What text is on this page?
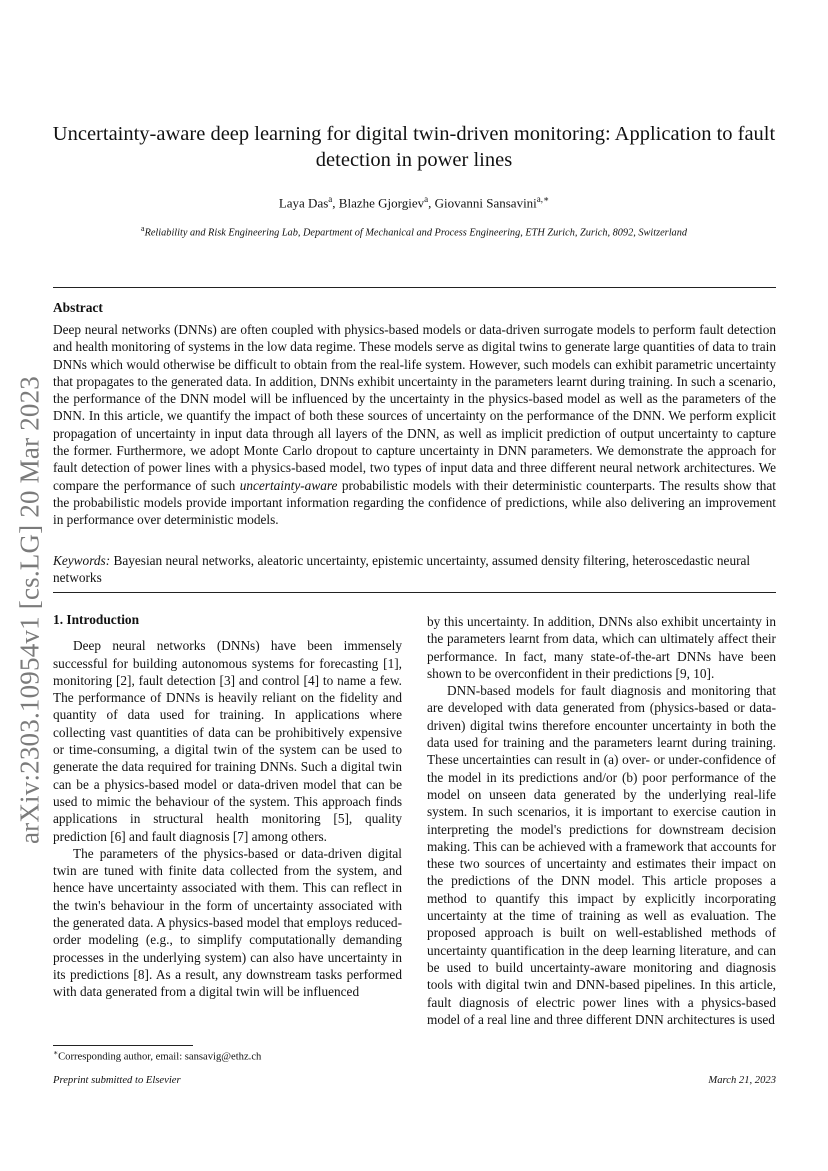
arXiv:2303.10954v1 [cs.LG] 20 Mar 2023
Uncertainty-aware deep learning for digital twin-driven monitoring: Application to fault detection in power lines
Laya Das$^a$, Blazhe Gjorgiev$^a$, Giovanni Sansavini$^{a,∗}$
$^a$Reliability and Risk Engineering Lab, Department of Mechanical and Process Engineering, ETH Zurich, Zurich, 8092, Switzerland
Abstract

Deep neural networks (DNNs) are often coupled with physics-based models or data-driven surrogate models to perform fault detection and health monitoring of systems in the low data regime. These models serve as digital twins to generate large quantities of data to train DNNs which would otherwise be difficult to obtain from the real-life system. However, such models can exhibit parametric uncertainty that propagates to the generated data. In addition, DNNs exhibit uncertainty in the parameters learnt during training. In such a scenario, the performance of the DNN model will be influenced by the uncertainty in the physics-based model as well as the parameters of the DNN. In this article, we quantify the impact of both these sources of uncertainty on the performance of the DNN. We perform explicit propagation of uncertainty in input data through all layers of the DNN, as well as implicit prediction of output uncertainty to capture the former. Furthermore, we adopt Monte Carlo dropout to capture uncertainty in DNN parameters. We demonstrate the approach for fault detection of power lines with a physics-based model, two types of input data and three different neural network architectures. We compare the performance of such uncertainty-aware probabilistic models with their deterministic counterparts. The results show that the probabilistic models provide important information regarding the confidence of predictions, while also delivering an improvement in performance over deterministic models.

Keywords: Bayesian neural networks, aleatoric uncertainty, epistemic uncertainty, assumed density filtering, heteroscedastic neural networks
1. Introduction

Deep neural networks (DNNs) have been immensely successful for building autonomous systems for forecasting [1], monitoring [2], fault detection [3] and control [4] to name a few. The performance of DNNs is heavily reliant on the fidelity and quantity of data used for training. In applications where collecting vast quantities of data can be prohibitively expensive or time-consuming, a digital twin of the system can be used to generate the data required for training DNNs. Such a digital twin can be a physics-based model or data-driven model that can be used to mimic the behaviour of the system. This approach finds applications in structural health monitoring [5], quality prediction [6] and fault diagnosis [7] among others.

The parameters of the physics-based or data-driven digital twin are tuned with finite data collected from the system, and hence have uncertainty associated with them. This can reflect in the twin's behaviour in the form of uncertainty associated with the generated data. A physics-based model that employs reduced-order modeling (e.g., to simplify computationally demanding processes in the underlying system) can also have uncertainty in its predictions [8]. As a result, any downstream tasks performed with data generated from a digital twin will be influenced

by this uncertainty. In addition, DNNs also exhibit uncertainty in the parameters learnt from data, which can ultimately affect their performance. In fact, many state-of-the-art DNNs have been shown to be overconfident in their predictions [9, 10].

DNN-based models for fault diagnosis and monitoring that are developed with data generated from (physics-based or data-driven) digital twins therefore encounter uncertainty in both the data used for training and the parameters learnt during training. These uncertainties can result in (a) over- or under-confidence of the model in its predictions and/or (b) poor performance of the model on unseen data generated by the underlying real-life system. In such scenarios, it is important to exercise caution in interpreting the model's predictions for downstream decision making. This can be achieved with a framework that accounts for these two sources of uncertainty and estimates their impact on the predictions of the DNN model. This article proposes a method to quantify this impact by explicitly incorporating uncertainty at the time of training as well as evaluation. The proposed approach is built on well-established methods of uncertainty quantification in the deep learning literature, and can be used to build uncertainty-aware monitoring and diagnosis tools with digital twin and DNN-based pipelines. In this article, fault diagnosis of electric power lines with a physics-based model of a real line and three different DNN architectures is used

∗Corresponding author, email: sansavig@ethz.ch
Preprint submitted to Elsevier	March 21, 2023
